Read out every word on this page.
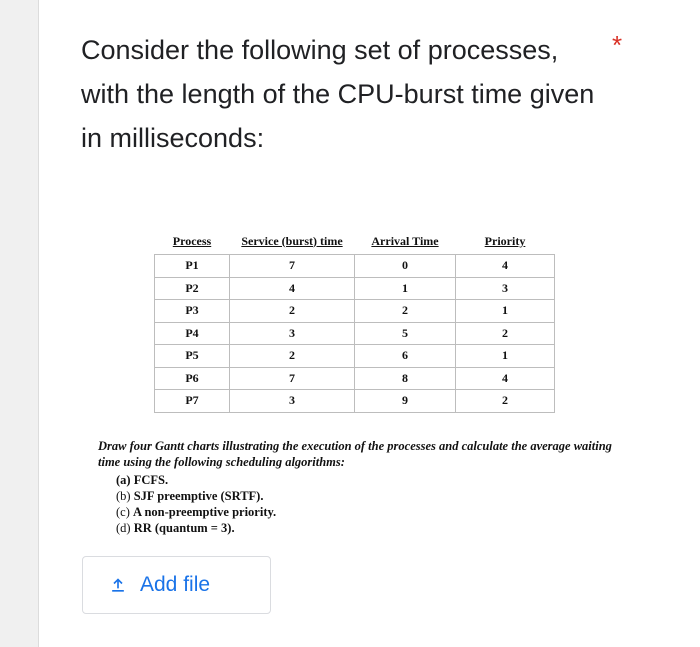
Consider the following set of processes, with the length of the CPU-burst time given in milliseconds:
*
Process	Service (burst) time	Arrival Time	Priority
P1	7	0	4
P2	4	1	3
P3	2	2	1
P4	3	5	2
P5	2	6	1
P6	7	8	4
P7	3	9	2
Draw four Gantt charts illustrating the execution of the processes and calculate the average waiting time using the following scheduling algorithms:
(a) FCFS.
(b) SJF preemptive (SRTF).
(c) A non-preemptive priority.
(d) RR (quantum = 3).
Add file
